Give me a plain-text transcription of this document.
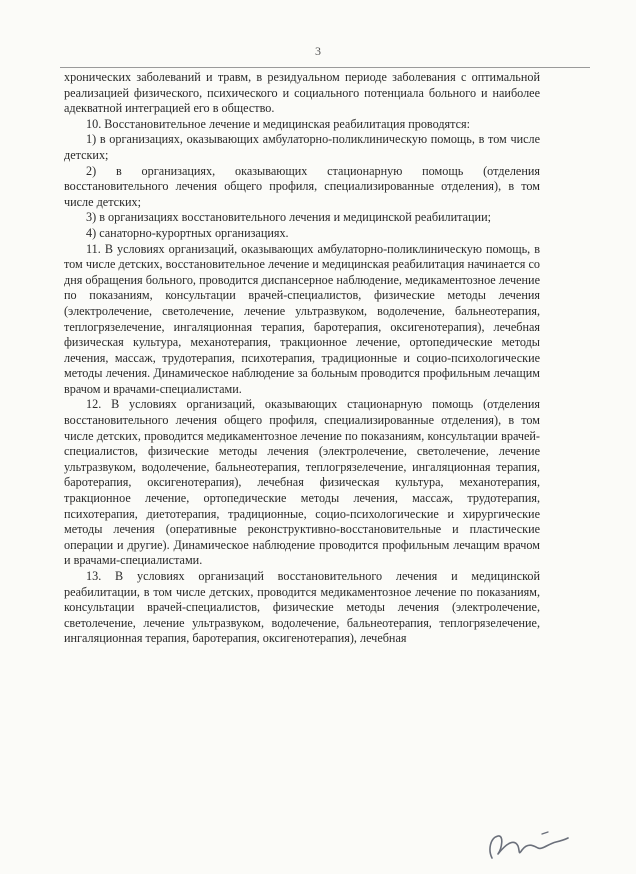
3

хронических заболеваний и травм, в резидуальном периоде заболевания с оптимальной реализацией физического, психического и социального потенциала больного и наиболее адекватной интеграцией его в общество.

10. Восстановительное лечение и медицинская реабилитация проводятся:

1) в организациях, оказывающих амбулаторно-поликлиническую помощь, в том числе детских;

2) в организациях, оказывающих стационарную помощь (отделения восстановительного лечения общего профиля, специализированные отделения), в том числе детских;

3) в организациях восстановительного лечения и медицинской реабилитации;

4) санаторно-курортных организациях.

11. В условиях организаций, оказывающих амбулаторно-поликлиническую помощь, в том числе детских, восстановительное лечение и медицинская реабилитация начинается со дня обращения больного, проводится диспансерное наблюдение, медикаментозное лечение по показаниям, консультации врачей-специалистов, физические методы лечения (электролечение, светолечение, лечение ультразвуком, водолечение, бальнеотерапия, теплогрязелечение, ингаляционная терапия, баротерапия, оксигенотерапия), лечебная физическая культура, механотерапия, тракционное лечение, ортопедические методы лечения, массаж, трудотерапия, психотерапия, традиционные и социо-психологические методы лечения. Динамическое наблюдение за больным проводится профильным лечащим врачом и врачами-специалистами.

12. В условиях организаций, оказывающих стационарную помощь (отделения восстановительного лечения общего профиля, специализированные отделения), в том числе детских, проводится медикаментозное лечение по показаниям, консультации врачей-специалистов, физические методы лечения (электролечение, светолечение, лечение ультразвуком, водолечение, бальнеотерапия, теплогрязелечение, ингаляционная терапия, баротерапия, оксигенотерапия), лечебная физическая культура, механотерапия, тракционное лечение, ортопедические методы лечения, массаж, трудотерапия, психотерапия, диетотерапия, традиционные, социо-психологические и хирургические методы лечения (оперативные реконструктивно-восстановительные и пластические операции и другие). Динамическое наблюдение проводится профильным лечащим врачом и врачами-специалистами.

13. В условиях организаций восстановительного лечения и медицинской реабилитации, в том числе детских, проводится медикаментозное лечение по показаниям, консультации врачей-специалистов, физические методы лечения (электролечение, светолечение, лечение ультразвуком, водолечение, бальнеотерапия, теплогрязелечение, ингаляционная терапия, баротерапия, оксигенотерапия), лечебная
